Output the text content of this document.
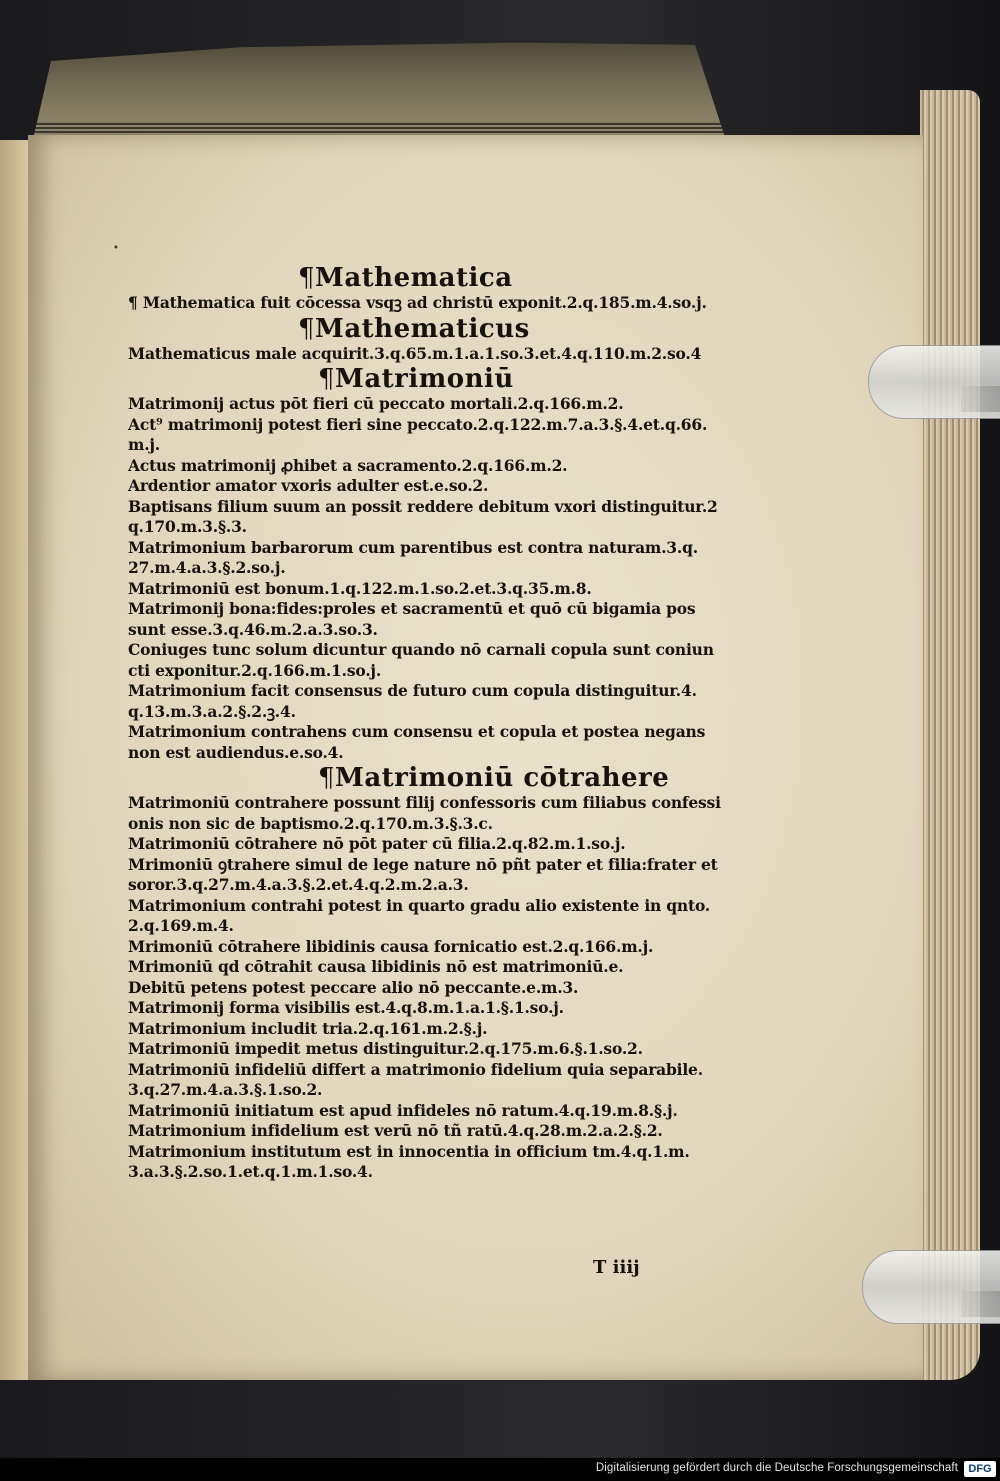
•
¶Mathematica
¶ Mathematica fuit cōcessa vsqꝫ ad christū exponit.2.q.185.m.4.so.j.
¶Mathematicus
Mathematicus male acquirit.3.q.65.m.1.a.1.so.3.et.4.q.110.m.2.so.4
¶Matrimoniū
Matrimonij actus pōt fieri cū peccato mortali.2.q.166.m.2.
Act⁹ matrimonij potest fieri sine peccato.2.q.122.m.7.a.3.§.4.et.q.66.
m.j.
Actus matrimonij ꝓhibet a sacramento.2.q.166.m.2.
Ardentior amator vxoris adulter est.e.so.2.
Baptisans filium suum an possit reddere debitum vxori distinguitur.2
q.170.m.3.§.3.
Matrimonium barbarorum cum parentibus est contra naturam.3.q.
27.m.4.a.3.§.2.so.j.
Matrimoniū est bonum.1.q.122.m.1.so.2.et.3.q.35.m.8.
Matrimonij bona:fides:proles et sacramentū et quō cū bigamia pos
sunt esse.3.q.46.m.2.a.3.so.3.
Coniuges tunc solum dicuntur quando nō carnali copula sunt coniun
cti exponitur.2.q.166.m.1.so.j.
Matrimonium facit consensus de futuro cum copula distinguitur.4.
q.13.m.3.a.2.§.2.ꝫ.4.
Matrimonium contrahens cum consensu et copula et postea negans
non est audiendus.e.so.4.
¶Matrimoniū cōtrahere
Matrimoniū contrahere possunt filij confessoris cum filiabus confessi
onis non sic de baptismo.2.q.170.m.3.§.3.c.
Matrimoniū cōtrahere nō pōt pater cū filia.2.q.82.m.1.so.j.
Mrimoniū ꝯtrahere simul de lege nature nō pñt pater et filia:frater et
soror.3.q.27.m.4.a.3.§.2.et.4.q.2.m.2.a.3.
Matrimonium contrahi potest in quarto gradu alio existente in qnto.
2.q.169.m.4.
Mrimoniū cōtrahere libidinis causa fornicatio est.2.q.166.m.j.
Mrimoniū qd cōtrahit causa libidinis nō est matrimoniū.e.
Debitū petens potest peccare alio nō peccante.e.m.3.
Matrimonij forma visibilis est.4.q.8.m.1.a.1.§.1.so.j.
Matrimonium includit tria.2.q.161.m.2.§.j.
Matrimoniū impedit metus distinguitur.2.q.175.m.6.§.1.so.2.
Matrimoniū infideliū differt a matrimonio fidelium quia separabile.
3.q.27.m.4.a.3.§.1.so.2.
Matrimoniū initiatum est apud infideles nō ratum.4.q.19.m.8.§.j.
Matrimonium infidelium est verū nō tñ ratū.4.q.28.m.2.a.2.§.2.
Matrimonium institutum est in innocentia in officium tm.4.q.1.m.
3.a.3.§.2.so.1.et.q.1.m.1.so.4.
T iiij
Digitalisierung gefördert durch die Deutsche Forschungsgemeinschaft DFG
